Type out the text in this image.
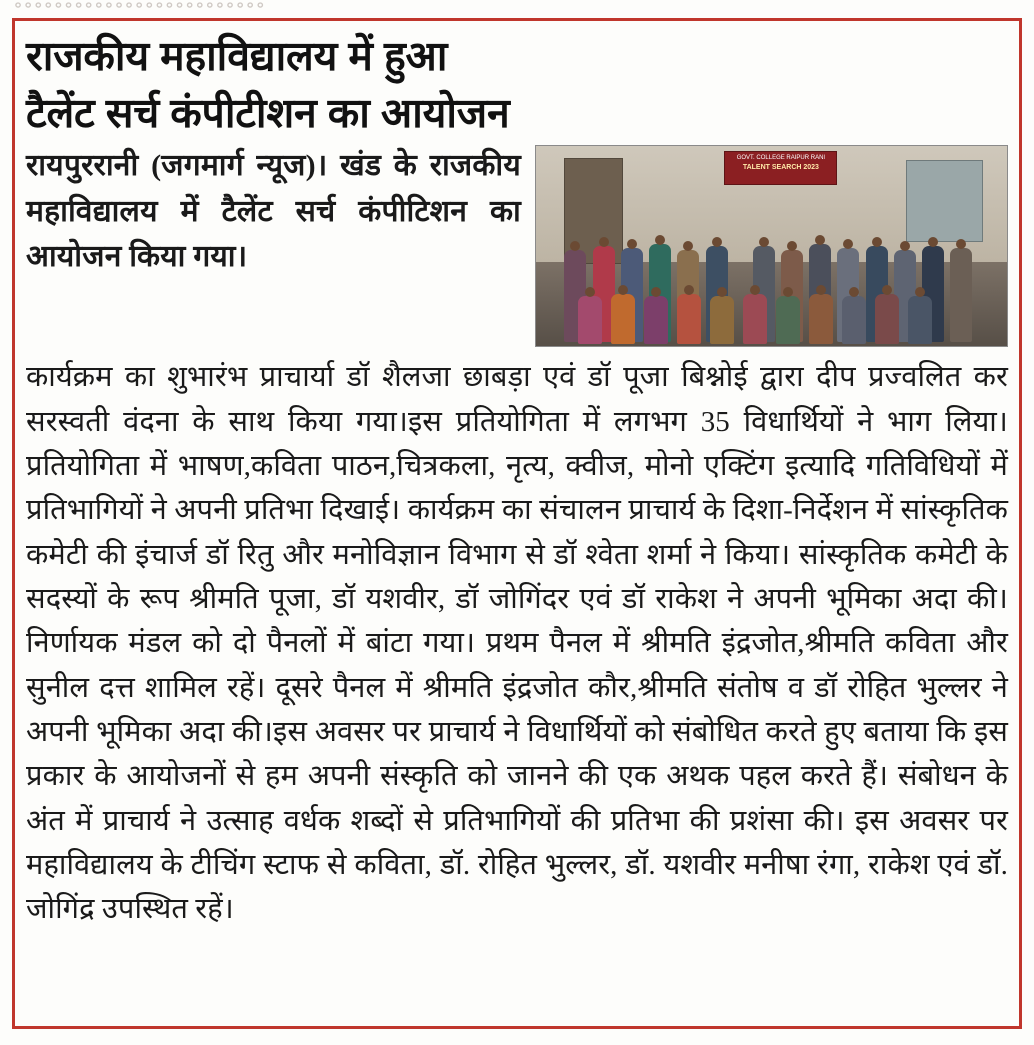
॰॰॰॰॰॰॰॰॰॰॰॰॰॰॰॰॰॰॰॰॰॰॰॰॰
राजकीय महाविद्यालय में हुआ टैलेंट सर्च कंपीटीशन का आयोजन
GOVT. COLLEGE RAIPUR RANI
TALENT SEARCH 2023

रायपुररानी (जगमार्ग न्यूज)। खंड के राजकीय महाविद्यालय में टैलेंट सर्च कंपीटिशन का आयोजन किया गया।

कार्यक्रम का शुभारंभ प्राचार्या डॉ शैलजा छाबड़ा एवं डॉ पूजा बिश्नोई द्वारा दीप प्रज्वलित कर सरस्वती वंदना के साथ किया गया।इस प्रतियोगिता में लगभग 35 विधार्थियों ने भाग लिया।प्रतियोगिता में भाषण,कविता पाठन,चित्रकला, नृत्य, क्वीज, मोनो एक्टिंग इत्यादि गतिविधियों में प्रतिभागियों ने अपनी प्रतिभा दिखाई। कार्यक्रम का संचालन प्राचार्य के दिशा-निर्देशन में सांस्कृतिक कमेटी की इंचार्ज डॉ रितु और मनोविज्ञान विभाग से डॉ श्वेता शर्मा ने किया। सांस्कृतिक कमेटी के सदस्यों के रूप श्रीमति पूजा, डॉ यशवीर, डॉ जोगिंदर एवं डॉ राकेश ने अपनी भूमिका अदा की। निर्णायक मंडल को दो पैनलों में बांटा गया। प्रथम पैनल में श्रीमति इंद्रजोत,श्रीमति कविता और सुनील दत्त शामिल रहें। दूसरे पैनल में श्रीमति इंद्रजोत कौर,श्रीमति संतोष व डॉ रोहित भुल्लर ने अपनी भूमिका अदा की।इस अवसर पर प्राचार्य ने विधार्थियों को संबोधित करते हुए बताया कि इस प्रकार के आयोजनों से हम अपनी संस्कृति को जानने की एक अथक पहल करते हैं। संबोधन के अंत में प्राचार्य ने उत्साह वर्धक शब्दों से प्रतिभागियों की प्रतिभा की प्रशंसा की। इस अवसर पर महाविद्यालय के टीचिंग स्टाफ से कविता, डॉ. रोहित भुल्लर, डॉ. यशवीर मनीषा रंगा, राकेश एवं डॉ. जोगिंद्र उपस्थित रहें।
